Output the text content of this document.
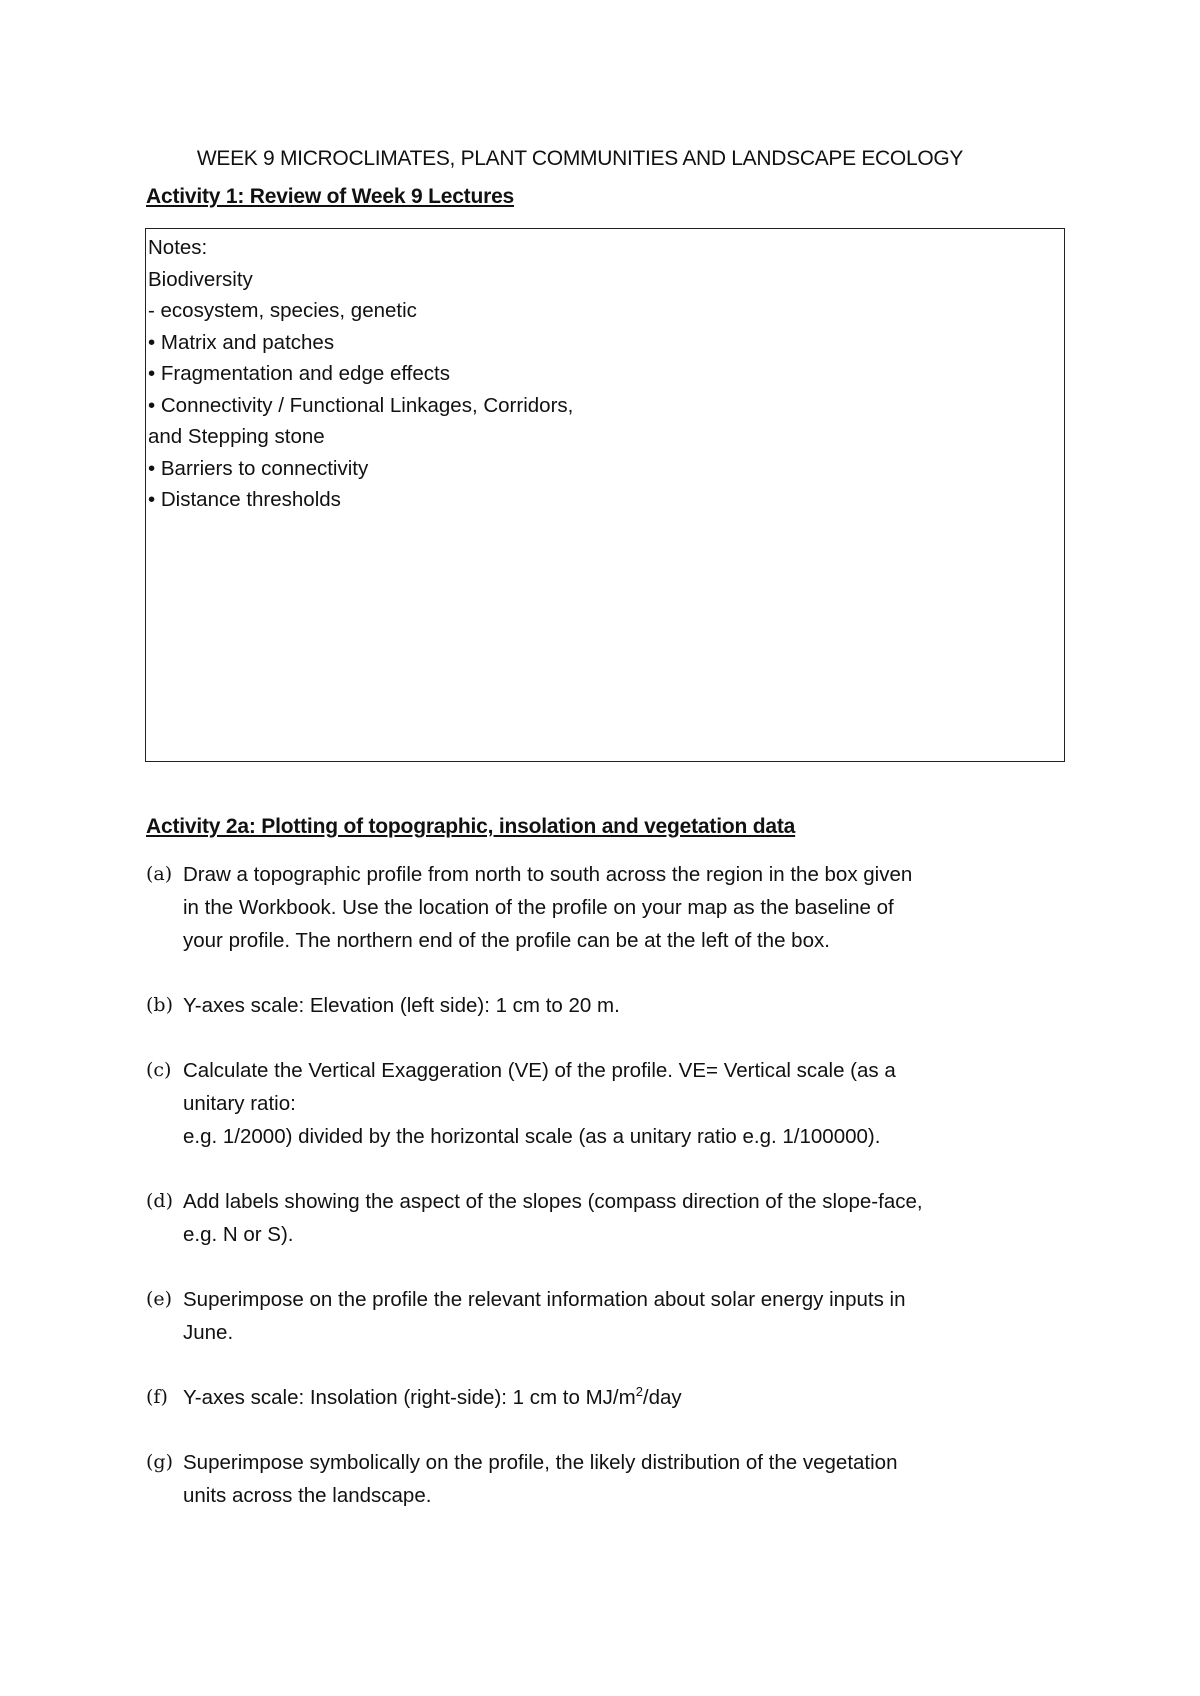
WEEK 9 MICROCLIMATES, PLANT COMMUNITIES AND LANDSCAPE ECOLOGY
Activity 1: Review of Week 9 Lectures
Notes:
Biodiversity
- ecosystem, species, genetic
• Matrix and patches
• Fragmentation and edge effects
• Connectivity / Functional Linkages, Corridors,
and Stepping stone
• Barriers to connectivity
• Distance thresholds
Activity 2a: Plotting of topographic, insolation and vegetation data
(a) Draw a topographic profile from north to south across the region in the box given
in the Workbook. Use the location of the profile on your map as the baseline of
your profile. The northern end of the profile can be at the left of the box.
(b) Y-axes scale: Elevation (left side): 1 cm to 20 m.
(c) Calculate the Vertical Exaggeration (VE) of the profile. VE= Vertical scale (as a
unitary ratio:
e.g. 1/2000) divided by the horizontal scale (as a unitary ratio e.g. 1/100000).
(d) Add labels showing the aspect of the slopes (compass direction of the slope-face,
e.g. N or S).
(e) Superimpose on the profile the relevant information about solar energy inputs in
June.
(f) Y-axes scale: Insolation (right-side): 1 cm to $MJ/m^2$/day
(g) Superimpose symbolically on the profile, the likely distribution of the vegetation
units across the landscape.
